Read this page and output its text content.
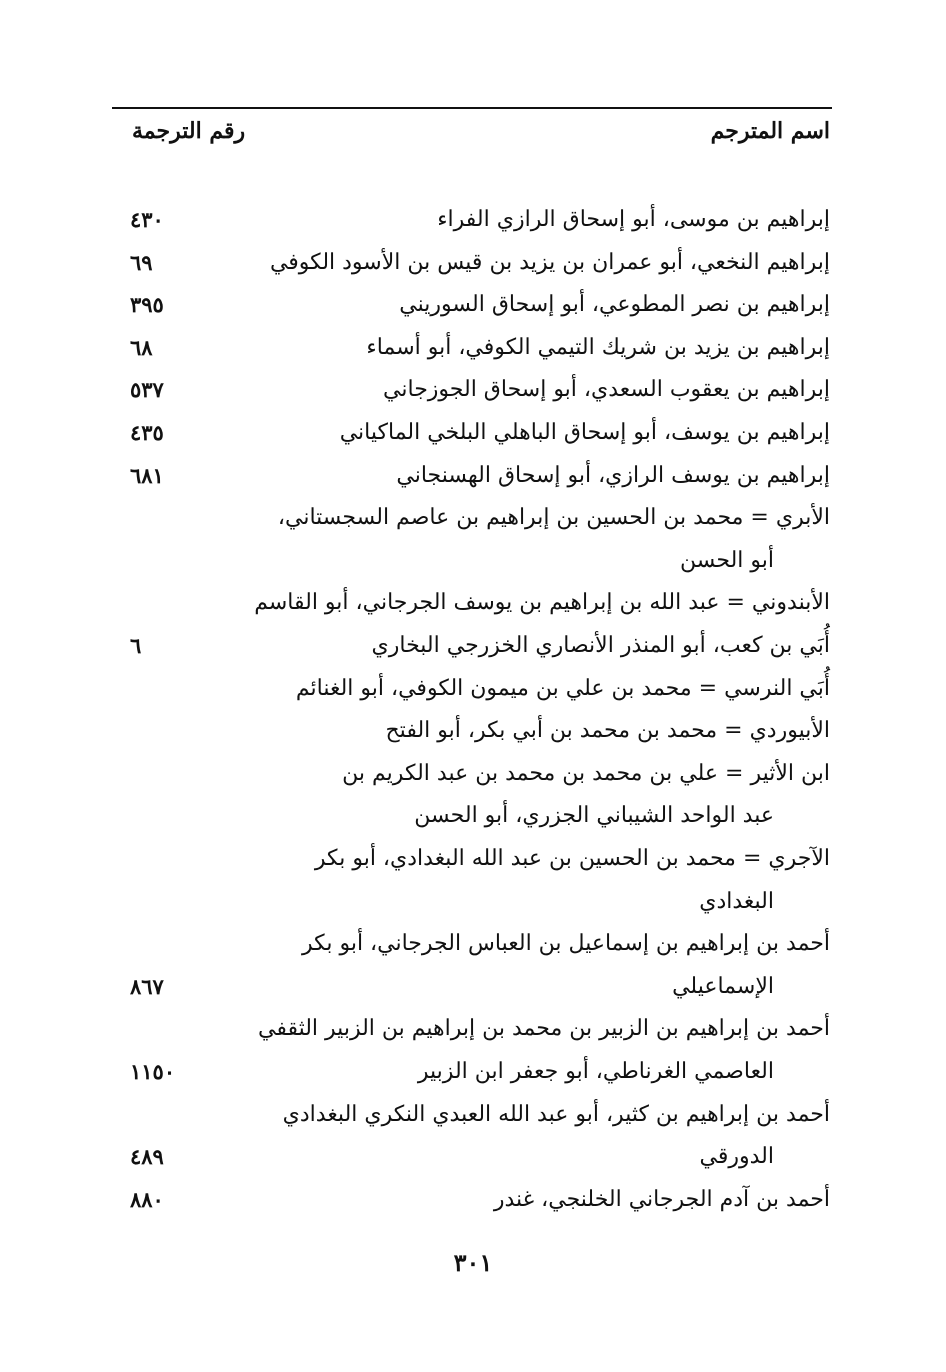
اسم المترجم
رقم الترجمة
إبراهيم بن موسى، أبو إسحاق الرازي الفراء
٤٣٠
إبراهيم النخعي، أبو عمران بن يزيد بن قيس بن الأسود الكوفي
٦٩
إبراهيم بن نصر المطوعي، أبو إسحاق السوريني
٣٩٥
إبراهيم بن يزيد بن شريك التيمي الكوفي، أبو أسماء
٦٨
إبراهيم بن يعقوب السعدي، أبو إسحاق الجوزجاني
٥٣٧
إبراهيم بن يوسف، أبو إسحاق الباهلي البلخي الماكياني
٤٣٥
إبراهيم بن يوسف الرازي، أبو إسحاق الهسنجاني
٦٨١
الأبري = محمد بن الحسين بن إبراهيم بن عاصم السجستاني،
أبو الحسن
الأبندوني = عبد الله بن إبراهيم بن يوسف الجرجاني، أبو القاسم
أُبَي بن كعب، أبو المنذر الأنصاري الخزرجي البخاري
٦
أُبَي النرسي = محمد بن علي بن ميمون الكوفي، أبو الغنائم
الأبيوردي = محمد بن محمد بن أبي بكر، أبو الفتح
ابن الأثير = علي بن محمد بن محمد بن عبد الكريم بن
عبد الواحد الشيباني الجزري، أبو الحسن
الآجري = محمد بن الحسين بن عبد الله البغدادي، أبو بكر
البغدادي
أحمد بن إبراهيم بن إسماعيل بن العباس الجرجاني، أبو بكر
الإسماعيلي
٨٦٧
أحمد بن إبراهيم بن الزبير بن محمد بن إبراهيم بن الزبير الثقفي
العاصمي الغرناطي، أبو جعفر ابن الزبير
١١٥٠
أحمد بن إبراهيم بن كثير، أبو عبد الله العبدي النكري البغدادي
الدورقي
٤٨٩
أحمد بن آدم الجرجاني الخلنجي، غندر
٨٨٠
٣٠١
